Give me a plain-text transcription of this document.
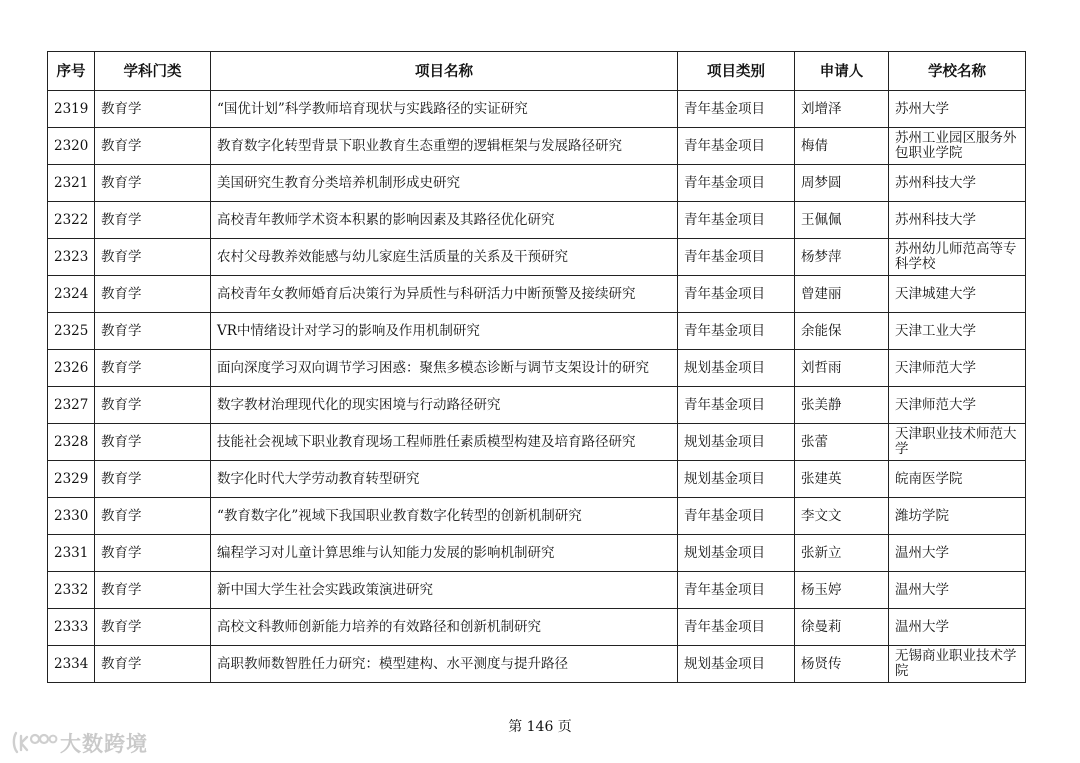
序号	学科门类	项目名称	项目类别	申请人	学校名称
2319	教育学	“国优计划”科学教师培育现状与实践路径的实证研究	青年基金项目	刘增泽	苏州大学
2320	教育学	教育数字化转型背景下职业教育生态重塑的逻辑框架与发展路径研究	青年基金项目	梅倩	苏州工业园区服务外包职业学院
2321	教育学	美国研究生教育分类培养机制形成史研究	青年基金项目	周梦圆	苏州科技大学
2322	教育学	高校青年教师学术资本积累的影响因素及其路径优化研究	青年基金项目	王佩佩	苏州科技大学
2323	教育学	农村父母教养效能感与幼儿家庭生活质量的关系及干预研究	青年基金项目	杨梦萍	苏州幼儿师范高等专科学校
2324	教育学	高校青年女教师婚育后决策行为异质性与科研活力中断预警及接续研究	青年基金项目	曾建丽	天津城建大学
2325	教育学	VR中情绪设计对学习的影响及作用机制研究	青年基金项目	余能保	天津工业大学
2326	教育学	面向深度学习双向调节学习困惑：聚焦多模态诊断与调节支架设计的研究	规划基金项目	刘哲雨	天津师范大学
2327	教育学	数字教材治理现代化的现实困境与行动路径研究	青年基金项目	张美静	天津师范大学
2328	教育学	技能社会视域下职业教育现场工程师胜任素质模型构建及培育路径研究	规划基金项目	张蕾	天津职业技术师范大学
2329	教育学	数字化时代大学劳动教育转型研究	规划基金项目	张建英	皖南医学院
2330	教育学	“教育数字化”视域下我国职业教育数字化转型的创新机制研究	青年基金项目	李文文	潍坊学院
2331	教育学	编程学习对儿童计算思维与认知能力发展的影响机制研究	规划基金项目	张新立	温州大学
2332	教育学	新中国大学生社会实践政策演进研究	青年基金项目	杨玉婷	温州大学
2333	教育学	高校文科教师创新能力培养的有效路径和创新机制研究	青年基金项目	徐曼莉	温州大学
2334	教育学	高职教师数智胜任力研究：模型建构、水平测度与提升路径	规划基金项目	杨贤传	无锡商业职业技术学院
第 146 页
大数跨境
